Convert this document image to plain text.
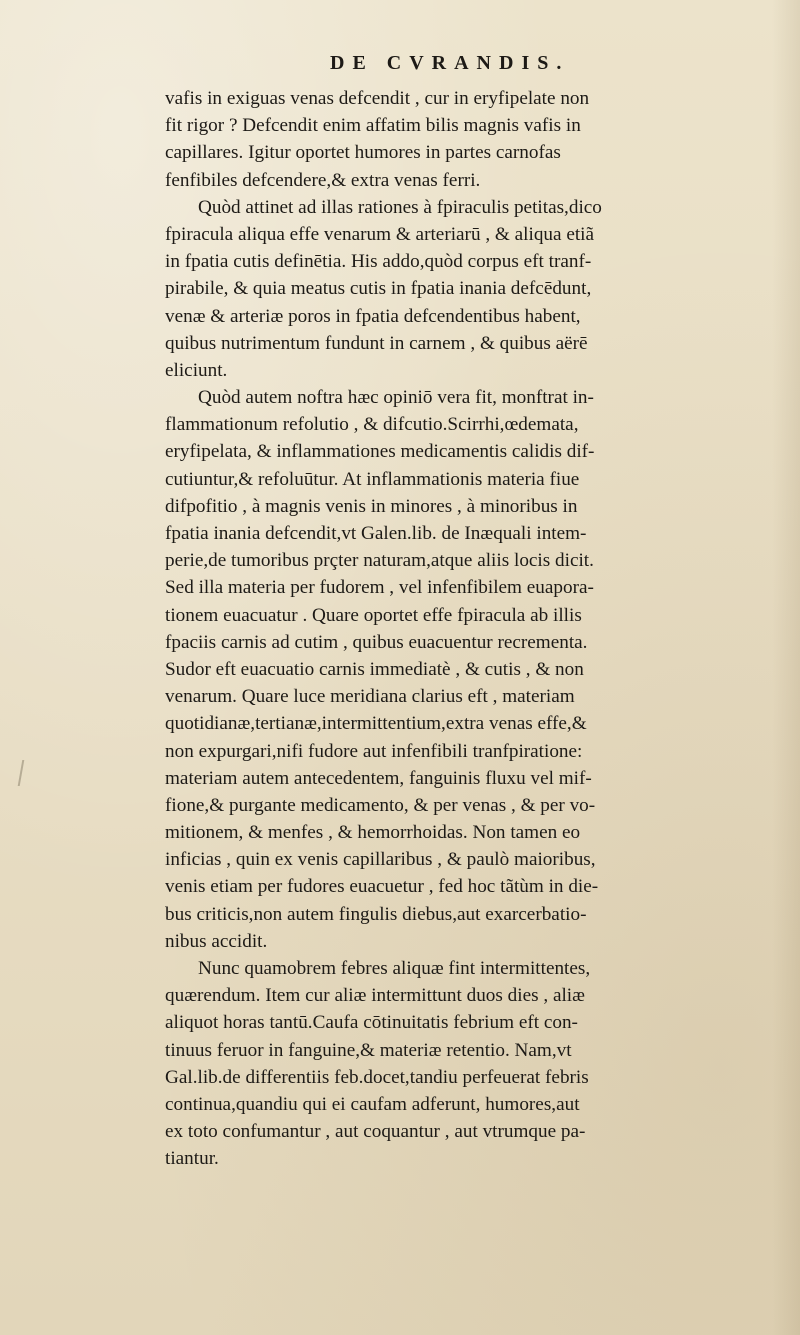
DE CVRANDIS.
vafis in exiguas venas defcendit , cur in eryfipelate non
fit rigor ? Defcendit enim affatim bilis magnis vafis in
capillares. Igitur oportet humores in partes carnofas
fenfibiles defcendere,& extra venas ferri.
Quòd attinet ad illas rationes à fpiraculis petitas,dico
fpiracula aliqua effe venarum & arteriarū , & aliqua etiã
in fpatia cutis definētia. His addo,quòd corpus eft tranf-
pirabile, & quia meatus cutis in fpatia inania defcēdunt,
venæ & arteriæ poros in fpatia defcendentibus habent,
quibus nutrimentum fundunt in carnem , & quibus aërē
eliciunt.
Quòd autem noftra hæc opiniō vera fit, monftrat in-
flammationum refolutio , & difcutio.Scirrhi,œdemata,
eryfipelata, & inflammationes medicamentis calidis dif-
cutiuntur,& refoluūtur. At inflammationis materia fiue
difpofitio , à magnis venis in minores , à minoribus in
fpatia inania defcendit,vt Galen.lib. de Inæquali intem-
perie,de tumoribus prçter naturam,atque aliis locis dicit.
Sed illa materia per fudorem , vel infenfibilem euapora-
tionem euacuatur . Quare oportet effe fpiracula ab illis
fpaciis carnis ad cutim , quibus euacuentur recrementa.
Sudor eft euacuatio carnis immediatè , & cutis , & non
venarum. Quare luce meridiana clarius eft , materiam
quotidianæ,tertianæ,intermittentium,extra venas effe,&
non expurgari,nifi fudore aut infenfibili tranfpiratione:
materiam autem antecedentem, fanguinis fluxu vel mif-
fione,& purgante medicamento, & per venas , & per vo-
mitionem, & menfes , & hemorrhoidas. Non tamen eo
inficias , quin ex venis capillaribus , & paulò maioribus,
venis etiam per fudores euacuetur , fed hoc tãtùm in die-
bus criticis,non autem fingulis diebus,aut exarcerbatio-
nibus accidit.
Nunc quamobrem febres aliquæ fint intermittentes,
quærendum. Item cur aliæ intermittunt duos dies , aliæ
aliquot horas tantū.Caufa cōtinuitatis febrium eft con-
tinuus feruor in fanguine,& materiæ retentio. Nam,vt
Gal.lib.de differentiis feb.docet,tandiu perfeuerat febris
continua,quandiu qui ei caufam adferunt, humores,aut
ex toto confumantur , aut coquantur , aut vtrumque pa-
tiantur.
